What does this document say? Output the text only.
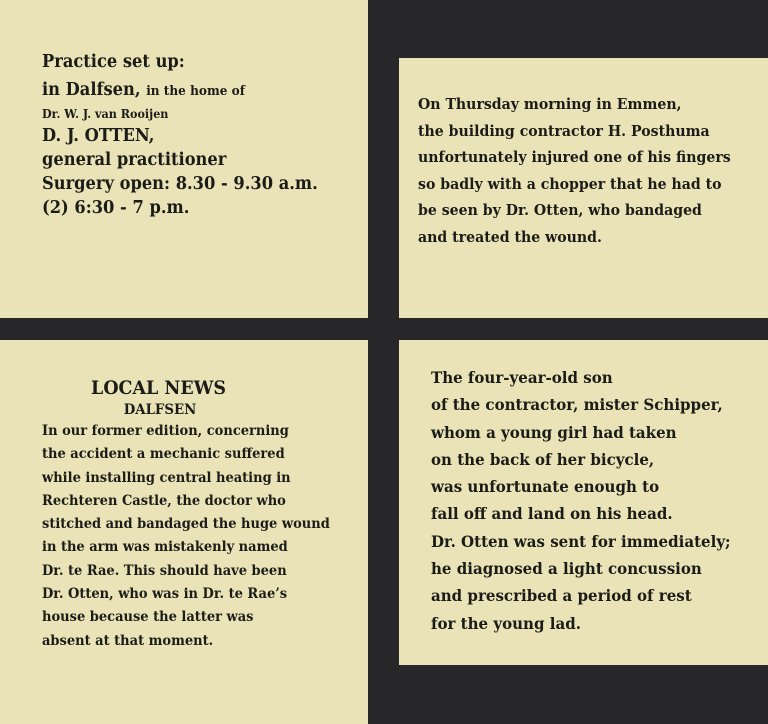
Practice set up:
in Dalfsen, in the home of
Dr. W. J. van Rooijen
D. J. OTTEN,
general practitioner
Surgery open: 8.30 - 9.30 a.m.
(2) 6:30 - 7 p.m.
On Thursday morning in Emmen,
the building contractor H. Posthuma
unfortunately injured one of his fingers
so badly with a chopper that he had to
be seen by Dr. Otten, who bandaged
and treated the wound.
LOCAL NEWS
DALFSEN
In our former edition, concerning
the accident a mechanic suffered
while installing central heating in
Rechteren Castle, the doctor who
stitched and bandaged the huge wound
in the arm was mistakenly named
Dr. te Rae. This should have been
Dr. Otten, who was in Dr. te Rae’s
house because the latter was
absent at that moment.
The four-year-old son
of the contractor, mister Schipper,
whom a young girl had taken
on the back of her bicycle,
was unfortunate enough to
fall off and land on his head.
Dr. Otten was sent for immediately;
he diagnosed a light concussion
and prescribed a period of rest
for the young lad.
